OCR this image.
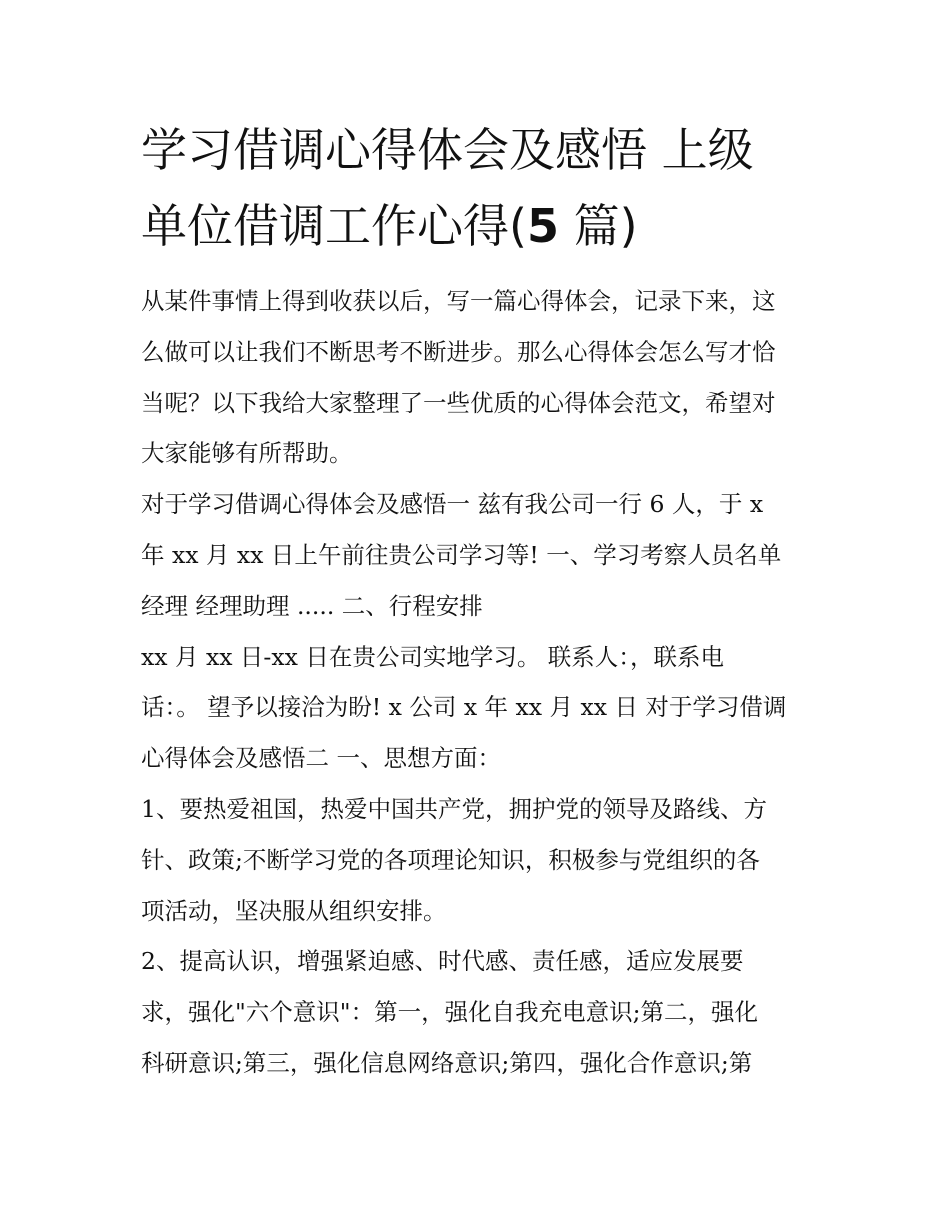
学习借调心得体会及感悟 上级
单位借调工作心得(5 篇)

从某件事情上得到收获以后，写一篇心得体会，记录下来，这
么做可以让我们不断思考不断进步。那么心得体会怎么写才恰
当呢？以下我给大家整理了一些优质的心得体会范文，希望对
大家能够有所帮助。

对于学习借调心得体会及感悟一 兹有我公司一行 6 人，于 x
年 xx 月 xx 日上午前往贵公司学习等! 一、学习考察人员名单
经理 经理助理 ..... 二、行程安排

xx 月 xx 日-xx 日在贵公司实地学习。 联系人：，联系电
话：。 望予以接洽为盼! x 公司 x 年 xx 月 xx 日 对于学习借调
心得体会及感悟二 一、思想方面：

1、要热爱祖国，热爱中国共产党，拥护党的领导及路线、方
针、政策;不断学习党的各项理论知识，积极参与党组织的各
项活动，坚决服从组织安排。

2、提高认识，增强紧迫感、时代感、责任感，适应发展要
求，强化"六个意识"：第一，强化自我充电意识;第二，强化
科研意识;第三，强化信息网络意识;第四，强化合作意识;第
